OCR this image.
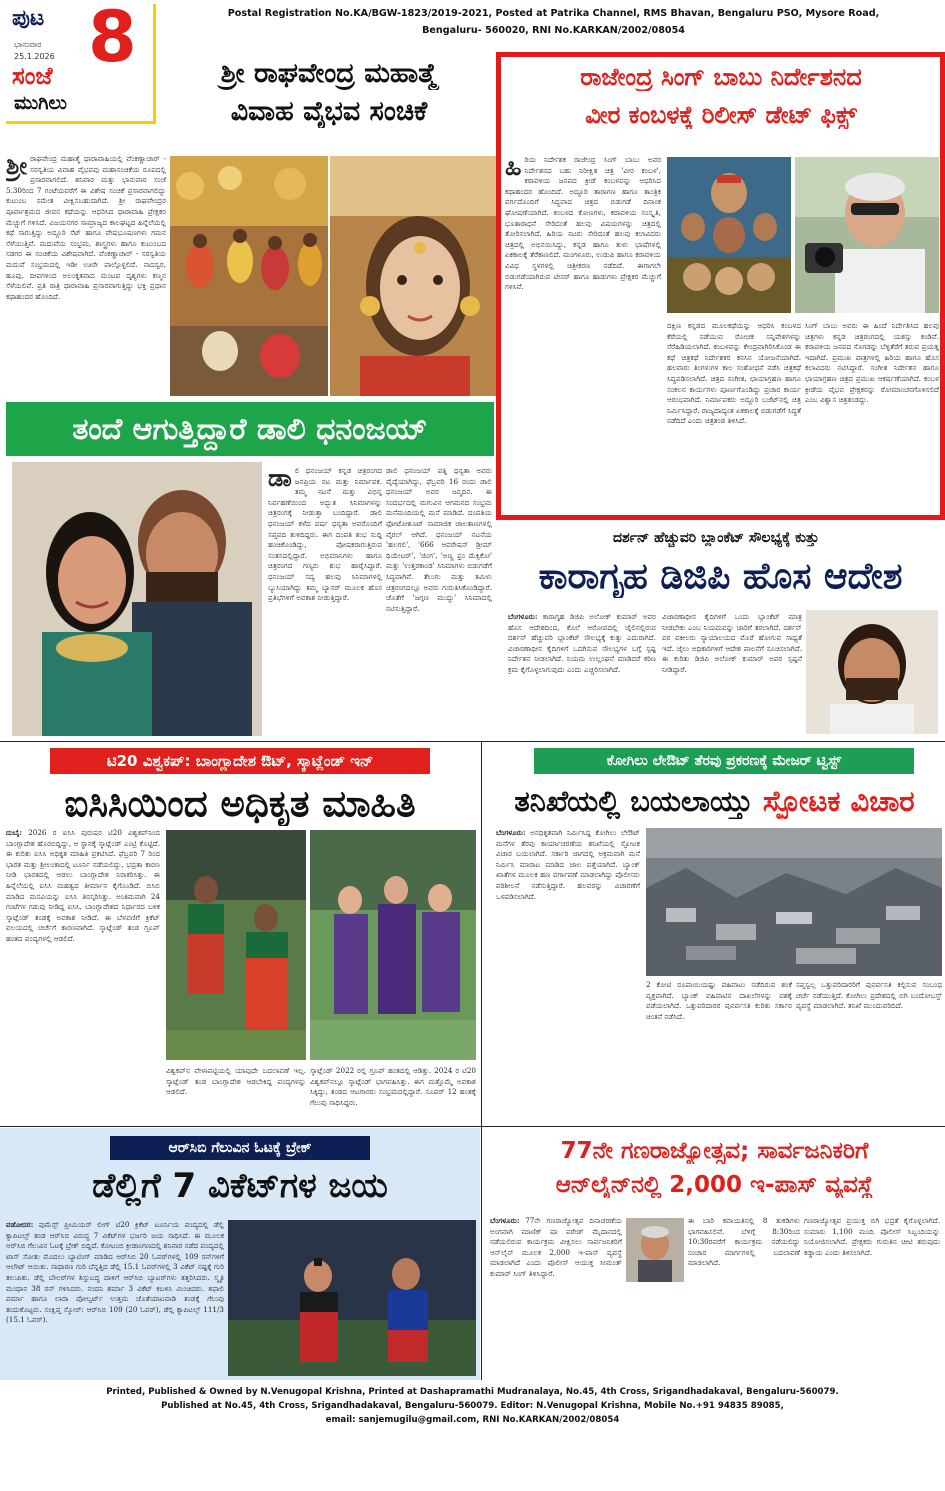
ಪುಟ 8
ಭಾನುವಾರ
25.1.2026
ಸಂಜೆ
ಮುಗಿಲು
Postal Registration No.KA/BGW-1823/2019-2021, Posted at Patrika Channel, RMS Bhavan, Bengaluru PSO, Mysore Road,
Bengaluru- 560020, RNI No.KARKAN/2002/08054
ಶ್ರೀ ರಾಘವೇಂದ್ರ ಮಹಾತ್ಮೆ
ವಿವಾಹ ವೈಭವ ಸಂಚಿಕೆ
ಶ್ರೀ ರಾಘವೇಂದ್ರ ಮಹಾತ್ಮೆ ಧಾರಾವಾಹಿಯಲ್ಲಿ ವೆಂಕಣ್ಣಾಚಾರ್ - ಸರಸ್ವತಿಯ ವಿವಾಹ ವೈಭವವು ಮಹಾಸಂಚಿಕೆಯ ರೂಪದಲ್ಲಿ ಪ್ರಸಾರವಾಗಲಿದೆ. ಶನಿವಾರ ಮತ್ತು ಭಾನುವಾರ ಸಂಜೆ 5.30ರಿಂದ 7 ಗಂಟೆಯವರೆಗೆ ಈ ವಿಶೇಷ ಸಂಚಿಕೆ ಪ್ರಸಾರವಾಗಲಿದ್ದು ಕುಟುಂಬ ಸಮೇತ ವೀಕ್ಷಿಸಬಹುದಾಗಿದೆ. ಶ್ರೀ ರಾಘವೇಂದ್ರರ ಪೂರ್ವಾಶ್ರಮದ ಜೀವನ ಕಥೆಯನ್ನು ಆಧರಿಸಿದ ಧಾರಾವಾಹಿ ಪ್ರೇಕ್ಷಕರ ಮೆಚ್ಚುಗೆ ಗಳಿಸಿದೆ. ವಿಜಯನಗರ ಸಾಮ್ರಾಜ್ಯದ ಕಾಲಘಟ್ಟದ ಹಿನ್ನೆಲೆಯಲ್ಲಿ ಕಥೆ ಸಾಗುತ್ತಿದ್ದು ಅದ್ದೂರಿ ಸೆಟ್ ಹಾಗೂ ವೇಷಭೂಷಣಗಳು ಗಮನ ಸೆಳೆಯುತ್ತಿವೆ. ಮದುವೆಯ ಸಂಭ್ರಮ, ಶಾಸ್ತ್ರಗಳು ಹಾಗೂ ಕುಟುಂಬದ ಸಡಗರ ಈ ಸಂಚಿಕೆಯ ವಿಶೇಷವಾಗಿದೆ. ವೆಂಕಣ್ಣಾಚಾರ್ - ಸರಸ್ವತಿಯ ಮದುವೆ ಸಂಭ್ರಮದಲ್ಲಿ ಇಡೀ ಊರೇ ಪಾಲ್ಗೊಳ್ಳಲಿದೆ. ನಾದಸ್ವರ, ಹೂವು, ದೀಪಗಳಿಂದ ಅಲಂಕೃತವಾದ ಮಂಟಪ ದೃಶ್ಯಗಳು ಕಣ್ಮನ ಸೆಳೆಯಲಿವೆ. ಪ್ರತಿ ರಾತ್ರಿ ಧಾರಾವಾಹಿ ಪ್ರಸಾರವಾಗುತ್ತಿದ್ದು ಭಕ್ತಿ ಪ್ರಧಾನ ಕಥಾಹಂದರ ಹೊಂದಿದೆ.
ರಾಜೇಂದ್ರ ಸಿಂಗ್ ಬಾಬು ನಿರ್ದೇಶನದ
ವೀರ ಕಂಬಳಕ್ಕೆ ರಿಲೀಸ್ ಡೇಟ್ ಫಿಕ್ಸ್
ಹಿ ರಿಯ ನಿರ್ದೇಶಕ ರಾಜೇಂದ್ರ ಸಿಂಗ್ ಬಾಬು ಅವರ ನಿರ್ದೇಶನದ ಬಹು ನಿರೀಕ್ಷಿತ ಚಿತ್ರ 'ವೀರ ಕಂಬಳ', ಕರಾವಳಿಯ ಜನಪದ ಕ್ರೀಡೆ ಕಂಬಳವನ್ನು ಆಧರಿಸಿದ ಕಥಾಹಂದರ ಹೊಂದಿದೆ. ಅದ್ದೂರಿ ತಾರಾಗಣ ಹಾಗೂ ತಾಂತ್ರಿಕ ವರ್ಗದೊಂದಿಗೆ ಸಿದ್ಧವಾದ ಚಿತ್ರದ ಬಿಡುಗಡೆ ದಿನಾಂಕ ಘೋಷಣೆಯಾಗಿದೆ. ಕಂಬಳದ ಕೋಣಗಳು, ಕರಾವಳಿಯ ಸಂಸ್ಕೃತಿ, ಭೂತಾರಾಧನೆ ಸೇರಿದಂತೆ ಹಲವು ವಿಷಯಗಳನ್ನು ಚಿತ್ರದಲ್ಲಿ ತೋರಿಸಲಾಗಿದೆ. ಹಿರಿಯ ನಟರು ಸೇರಿದಂತೆ ಹಲವು ಕಲಾವಿದರು ಚಿತ್ರದಲ್ಲಿ ಅಭಿನಯಿಸಿದ್ದು, ಕನ್ನಡ ಹಾಗೂ ತುಳು ಭಾಷೆಗಳಲ್ಲಿ ಏಕಕಾಲಕ್ಕೆ ತೆರೆಕಾಣಲಿದೆ. ಮಂಗಳೂರು, ಉಡುಪಿ ಹಾಗೂ ಕರಾವಳಿಯ ವಿವಿಧ ಸ್ಥಳಗಳಲ್ಲಿ ಚಿತ್ರೀಕರಣ ನಡೆದಿದೆ. ಈಗಾಗಲೇ ಬಿಡುಗಡೆಯಾಗಿರುವ ಟೀಸರ್ ಹಾಗೂ ಹಾಡುಗಳು ಪ್ರೇಕ್ಷಕರ ಮೆಚ್ಚುಗೆ ಗಳಿಸಿವೆ.
ದಕ್ಷಿಣ ಕನ್ನಡದ ಮೂಲಕಥೆಯನ್ನು ಆಧರಿಸಿ ಕಂಬಳದ ಕೆರೆಯಲ್ಲಿ ನಡೆಯುವ ರೋಚಕ ಸನ್ನಿವೇಶಗಳನ್ನು ಸೆರೆಹಿಡಿಯಲಾಗಿದೆ. ಕಂಬಳವನ್ನು ಕೇಂದ್ರವಾಗಿರಿಸಿಕೊಂಡ ಈ ಕಥೆ ಚಿತ್ರಕಥೆ ನಿರ್ದೇಶಕರ ಕನಸಿನ ಯೋಜನೆಯಾಗಿದೆ. ಹಲವಾರು ತಿಂಗಳುಗಳ ಕಾಲ ಸಂಶೋಧನೆ ನಡೆಸಿ ಚಿತ್ರಕಥೆ ಸಿದ್ಧಪಡಿಸಲಾಗಿದೆ. ಚಿತ್ರದ ಸಂಗೀತ, ಛಾಯಾಗ್ರಹಣ ಹಾಗೂ ಸಂಕಲನ ಕಾರ್ಯಗಳು ಪೂರ್ಣಗೊಂಡಿದ್ದು ಪ್ರಚಾರ ಕಾರ್ಯ ಆರಂಭವಾಗಿದೆ. ನಿರ್ಮಾಪಕರು ಅದ್ದೂರಿ ಬಜೆಟ್‌ನಲ್ಲಿ ಚಿತ್ರ ನಿರ್ಮಿಸಿದ್ದಾರೆ. ರಾಜ್ಯದಾದ್ಯಂತ ಏಕಕಾಲಕ್ಕೆ ಬಿಡುಗಡೆಗೆ ಸಿದ್ಧತೆ ನಡೆದಿದೆ ಎಂದು ಚಿತ್ರತಂಡ ತಿಳಿಸಿದೆ.
ಸಿಂಗ್ ಬಾಬು ಅವರು ಈ ಹಿಂದೆ ನಿರ್ದೇಶಿಸಿದ ಹಲವು ಚಿತ್ರಗಳು ಕನ್ನಡ ಚಿತ್ರರಂಗದಲ್ಲಿ ಯಶಸ್ಸು ಕಂಡಿವೆ. ಕರಾವಳಿಯ ಜನಪದ ಸೊಗಡನ್ನು ಬೆಳ್ಳಿತೆರೆಗೆ ತರುವ ಪ್ರಯತ್ನ ಇದಾಗಿದೆ. ಪ್ರಮುಖ ಪಾತ್ರಗಳಲ್ಲಿ ಹಿರಿಯ ಹಾಗೂ ಹೊಸ ಕಲಾವಿದರು ನಟಿಸಿದ್ದಾರೆ. ಸಂಗೀತ ನಿರ್ದೇಶನ ಹಾಗೂ ಛಾಯಾಗ್ರಹಣ ಚಿತ್ರದ ಪ್ರಮುಖ ಆಕರ್ಷಣೆಯಾಗಿದೆ. ಕಂಬಳ ಕ್ರೀಡೆಯ ವೈಭವ ಪ್ರೇಕ್ಷಕರನ್ನು ರೋಮಾಂಚನಗೊಳಿಸಲಿದೆ ಎಂಬ ವಿಶ್ವಾಸ ಚಿತ್ರತಂಡದ್ದು.
ತಂದೆ ಆಗುತ್ತಿದ್ದಾರೆ ಡಾಲಿ ಧನಂಜಯ್
ಡಾ ಲಿ ಧನಂಜಯ್ ಕನ್ನಡ ಚಿತ್ರರಂಗದ ಜನಪ್ರಿಯ ನಟ ಮತ್ತು ನಿರ್ಮಾಪಕ. ತಮ್ಮ ನಟನೆ ಮತ್ತು ವಿಭಿನ್ನ ನಿರ್ವಹಣೆಯಿಂದ ಅದ್ಭುತ ಸಿನಿಮಾಗಳನ್ನು ಚಿತ್ರರಂಗಕ್ಕೆ ನೀಡುತ್ತಾ ಬಂದಿದ್ದಾರೆ. ಡಾಲಿ ಧನಂಜಯ್ ಕಳೆದ ವರ್ಷ ಧನ್ಯತಾ ಅವರೊಂದಿಗೆ ಸಪ್ತಪದಿ ತುಳಿದಿದ್ದರು. ಈಗ ದಂಪತಿ ಶುಭ ಸುದ್ದಿ ಹಂಚಿಕೊಂಡಿದ್ದು, ಪೋಷಕರಾಗುತ್ತಿರುವ ಸಂತಸದಲ್ಲಿದ್ದಾರೆ. ಅಭಿಮಾನಿಗಳು ಹಾಗೂ ಚಿತ್ರರಂಗದ ಗಣ್ಯರು ಶುಭ ಹಾರೈಸಿದ್ದಾರೆ. ಧನಂಜಯ್ ಸದ್ಯ ಹಲವು ಸಿನಿಮಾಗಳಲ್ಲಿ ಬ್ಯುಸಿಯಾಗಿದ್ದು ತಮ್ಮ ಬ್ಯಾನರ್ ಮೂಲಕ ಹೊಸ ಪ್ರತಿಭೆಗಳಿಗೆ ಅವಕಾಶ ನೀಡುತ್ತಿದ್ದಾರೆ.
ಡಾಲಿ ಧನಂಜಯ್ ಪತ್ನಿ ಧನ್ಯತಾ ಅವರು ವೈದ್ಯೆಯಾಗಿದ್ದು, ಫೆಬ್ರವರಿ 16 ರಂದು ಡಾಲಿ ಧನಂಜಯ್ ಅವರ ಜನ್ಮದಿನ. ಈ ಸಂದರ್ಭದಲ್ಲಿ ಮಗುವಿನ ಆಗಮನದ ಸಂಭ್ರಮ ಮನೆಮಂದಿಯಲ್ಲಿ ಮನೆ ಮಾಡಿದೆ. ದಂಪತಿಯ ಫೋಟೋಶೂಟ್ ಸಾಮಾಜಿಕ ಜಾಲತಾಣಗಳಲ್ಲಿ ವೈರಲ್ ಆಗಿದೆ. ಧನಂಜಯ್ ನಟನೆಯ 'ಹಲಗಲಿ', '666 ಆಪರೇಷನ್ ಡ್ರೀಮ್ ಥಿಯೇಟರ್', 'ಜಿಂಗ', 'ಅಣ್ಣ ಫ್ರಂ ಮೆಕ್ಸಿಕೋ' ಮತ್ತು 'ಉತ್ತರಕಾಂಡ' ಸಿನಿಮಾಗಳು ಬಿಡುಗಡೆಗೆ ಸಿದ್ಧವಾಗಿವೆ. ತೆಲುಗು ಮತ್ತು ತಮಿಳು ಚಿತ್ರರಂಗದಲ್ಲೂ ಅವರು ಗುರುತಿಸಿಕೊಂಡಿದ್ದಾರೆ. ಜೊತೆಗೆ 'ಜಗ್ಗಣ ಮುದ್ದು' ಸಿನಿಮಾದಲ್ಲಿ ನಟಿಸುತ್ತಿದ್ದಾರೆ.
ದರ್ಶನ್ ಹೆಚ್ಚುವರಿ ಬ್ಲಾಂಕೆಟ್ ಸೌಲಭ್ಯಕ್ಕೆ ಕುತ್ತು
ಕಾರಾಗೃಹ ಡಿಜಿಪಿ ಹೊಸ ಆದೇಶ
ಬೆಂಗಳೂರು: ಕಾರಾಗೃಹ ಡಿಜಿಪಿ ಅಲೋಕ್ ಕುಮಾರ್ ಅವರ ಹೊಸ ಆದೇಶದಿಂದ, ಕೊಲೆ ಆರೋಪದಲ್ಲಿ ಜೈಲಿನಲ್ಲಿರುವ ದರ್ಶನ್ ಹೆಚ್ಚುವರಿ ಬ್ಲಾಂಕೆಟ್ ಸೌಲಭ್ಯಕ್ಕೆ ಕುತ್ತು ಎದುರಾಗಿದೆ. ವಿಚಾರಣಾಧೀನ ಕೈದಿಗಳಿಗೆ ಒದಗಿಸುವ ಸೌಲಭ್ಯಗಳ ಬಗ್ಗೆ ಸ್ಪಷ್ಟ ನಿರ್ದೇಶನ ನೀಡಲಾಗಿದೆ. ನಿಯಮ ಉಲ್ಲಂಘನೆ ಮಾಡಿದರೆ ಕಠಿಣ ಕ್ರಮ ಕೈಗೊಳ್ಳಲಾಗುವುದು ಎಂದು ಎಚ್ಚರಿಸಲಾಗಿದೆ.
ವಿಚಾರಣಾಧೀನ ಕೈದಿಗಳಿಗೆ ಒಂದು ಬ್ಲಾಂಕೆಟ್ ಮಾತ್ರ ನೀಡಬೇಕು ಎಂಬ ನಿಯಮವನ್ನು ಜಾರಿಗೆ ತರಲಾಗಿದೆ. ದರ್ಶನ್ ಪರ ವಕೀಲರು ನ್ಯಾಯಾಲಯದ ಮೊರೆ ಹೋಗುವ ಸಾಧ್ಯತೆ ಇದೆ. ಜೈಲು ಅಧಿಕಾರಿಗಳಿಗೆ ಆದೇಶ ಪಾಲನೆಗೆ ಸೂಚಿಸಲಾಗಿದೆ. ಈ ಕುರಿತು ಡಿಜಿಪಿ ಅಲೋಕ್ ಕುಮಾರ್ ಅವರ ಸ್ಪಷ್ಟನೆ ನೀಡಿದ್ದಾರೆ.
ಟಿ20 ವಿಶ್ವಕಪ್: ಬಾಂಗ್ಲಾದೇಶ ಔಟ್, ಸ್ಕಾಟ್ಲೆಂಡ್ ಇನ್
ಐಸಿಸಿಯಿಂದ ಅಧಿಕೃತ ಮಾಹಿತಿ
ದುಬೈ: 2026 ರ ಐಸಿಸಿ ಪುರುಷರ ಟಿ20 ವಿಶ್ವಕಪ್‌ನಿಂದ ಬಾಂಗ್ಲಾದೇಶ ಹೊರಬಿದ್ದಿದ್ದು, ಆ ಸ್ಥಾನಕ್ಕೆ ಸ್ಕಾಟ್ಲೆಂಡ್ ಎಂಟ್ರಿ ಕೊಟ್ಟಿದೆ. ಈ ಕುರಿತು ಐಸಿಸಿ ಅಧಿಕೃತ ಮಾಹಿತಿ ಪ್ರಕಟಿಸಿದೆ. ಫೆಬ್ರವರಿ 7 ರಿಂದ ಭಾರತ ಮತ್ತು ಶ್ರೀಲಂಕಾದಲ್ಲಿ ಟೂರ್ನಿ ನಡೆಯಲಿದ್ದು, ಭದ್ರತಾ ಕಾರಣ ನೀಡಿ ಭಾರತದಲ್ಲಿ ಆಡಲು ಬಾಂಗ್ಲಾದೇಶ ನಿರಾಕರಿಸಿತ್ತು. ಈ ಹಿನ್ನೆಲೆಯಲ್ಲಿ ಐಸಿಸಿ ಮಹತ್ವದ ತೀರ್ಮಾನ ಕೈಗೊಂಡಿದೆ. ಬಿಸಿಬಿ ಮಾಡಿದ ಮನವಿಯನ್ನು ಐಸಿಸಿ ತಿರಸ್ಕರಿಸಿತ್ತು. ಅಂತಿಮವಾಗಿ 24 ಗಂಟೆಗಳ ಗಡುವು ನೀಡಿದ್ದ ಐಸಿಸಿ, ಬಾಂಗ್ಲಾದೇಶದ ನಿರ್ಧಾರದ ಬಳಿಕ ಸ್ಕಾಟ್ಲೆಂಡ್ ತಂಡಕ್ಕೆ ಅವಕಾಶ ನೀಡಿದೆ. ಈ ಬೆಳವಣಿಗೆ ಕ್ರಿಕೆಟ್ ವಲಯದಲ್ಲಿ ಚರ್ಚೆಗೆ ಕಾರಣವಾಗಿದೆ. ಸ್ಕಾಟ್ಲೆಂಡ್ ತಂಡ ಗ್ರೂಪ್ ಹಂತದ ಪಂದ್ಯಗಳಲ್ಲಿ ಆಡಲಿದೆ.
ವಿಶ್ವಕಪ್‌ನ ವೇಳಾಪಟ್ಟಿಯಲ್ಲಿ ಯಾವುದೇ ಬದಲಾವಣೆ ಇಲ್ಲ. ಸ್ಕಾಟ್ಲೆಂಡ್ ತಂಡ ಬಾಂಗ್ಲಾದೇಶ ಆಡಬೇಕಿದ್ದ ಪಂದ್ಯಗಳನ್ನು ಆಡಲಿದೆ.
ಸ್ಕಾಟ್ಲೆಂಡ್ 2022 ರಲ್ಲಿ ಗ್ರೂಪ್ ಹಂತದಲ್ಲಿ ಆಡಿತ್ತು. 2024 ರ ಟಿ20 ವಿಶ್ವಕಪ್‌ನಲ್ಲೂ ಸ್ಕಾಟ್ಲೆಂಡ್ ಭಾಗವಹಿಸಿತ್ತು. ಈಗ ಮತ್ತೊಮ್ಮೆ ಅವಕಾಶ ಸಿಕ್ಕಿದ್ದು, ತಂಡದ ಆಟಗಾರರು ಸಂಭ್ರಮದಲ್ಲಿದ್ದಾರೆ. ಸೂಪರ್ 12 ಹಂತಕ್ಕೆ ಗೆಲುವು ಸಾಧಿಸಿದ್ದರು.
ಕೋಗಿಲು ಲೇಔಟ್ ತೆರವು ಪ್ರಕರಣಕ್ಕೆ ಮೇಜರ್ ಟ್ವಿಸ್ಟ್
ತನಿಖೆಯಲ್ಲಿ ಬಯಲಾಯ್ತು ಸ್ಫೋಟಕ ವಿಚಾರ
ಬೆಂಗಳೂರು: ಅನಧಿಕೃತವಾಗಿ ನಿರ್ಮಿಸಿದ್ದ ಕೋಗಿಲು ಲೇಔಟ್ ಮನೆಗಳ ತೆರವು ಕಾರ್ಯಾಚರಣೆಯ ತನಿಖೆಯಲ್ಲಿ ಸ್ಫೋಟಕ ವಿಚಾರ ಬಯಲಾಗಿದೆ. ಸರ್ಕಾರಿ ಜಾಗದಲ್ಲಿ ಅಕ್ರಮವಾಗಿ ಮನೆ ನಿರ್ಮಿಸಿ ಮಾರಾಟ ಮಾಡಿದ ಜಾಲ ಪತ್ತೆಯಾಗಿದೆ. ಬ್ಯಾಂಕ್ ಖಾತೆಗಳ ಮೂಲಕ ಹಣ ವರ್ಗಾವಣೆ ಮಾಡಲಾಗಿದ್ದು ಪೊಲೀಸರು ಪರಿಶೀಲನೆ ನಡೆಸುತ್ತಿದ್ದಾರೆ. ಹಲವರನ್ನು ವಿಚಾರಣೆಗೆ ಒಳಪಡಿಸಲಾಗಿದೆ.
2 ಕೋಟಿ ರೂಪಾಯಿಯಷ್ಟು ವಹಿವಾಟು ನಡೆದಿರುವ ಶಂಕೆ ವ್ಯಕ್ತವಾಗಿದೆ. ಬ್ಯಾಂಕ್ ವಹಿವಾಟಿನ ದಾಖಲೆಗಳನ್ನು ವಶಕ್ಕೆ ಪಡೆಯಲಾಗಿದೆ. ಒತ್ತುವರಿದಾರರ ಪುನರ್ವಸತಿ ಕುರಿತು ಸರ್ಕಾರ ಚಿಂತನೆ ನಡೆಸಿದೆ.
ಸಪ್ತಸ್ವಲ್ಪ ಒತ್ತುವರಿದಾರರಿಗೆ ಪುನರ್ವಸತಿ ಕಲ್ಪಿಸುವ ಸಂಬಂಧ ಚರ್ಚೆ ನಡೆಯುತ್ತಿದೆ. ಕೋಗಿಲು ಪ್ರದೇಶದಲ್ಲಿ ಬಿಗಿ ಬಂದೋಬಸ್ತ್ ವ್ಯವಸ್ಥೆ ಮಾಡಲಾಗಿದೆ. ತನಿಖೆ ಮುಂದುವರಿದಿದೆ.
ಆರ್‌ಸಿಬಿ ಗೆಲುವಿನ ಓಟಕ್ಕೆ ಬ್ರೇಕ್
ಡೆಲ್ಲಿಗೆ 7 ವಿಕೆಟ್‌ಗಳ ಜಯ
ವಡೋದರ: ವುಮೆನ್ಸ್ ಪ್ರೀಮಿಯರ್ ಲೀಗ್ ಟಿ20 ಕ್ರಿಕೆಟ್ ಟೂರ್ನಿಯ ಪಂದ್ಯದಲ್ಲಿ ಡೆಲ್ಲಿ ಕ್ಯಾಪಿಟಲ್ಸ್ ತಂಡ ಆರ್‌ಸಿಬಿ ವಿರುದ್ಧ 7 ವಿಕೆಟ್‌ಗಳ ಭರ್ಜರಿ ಜಯ ಸಾಧಿಸಿದೆ. ಈ ಮೂಲಕ ಆರ್‌ಸಿಬಿ ಗೆಲುವಿನ ಓಟಕ್ಕೆ ಬ್ರೇಕ್ ಬಿದ್ದಿದೆ. ಕೋಟಂಬಿ ಕ್ರೀಡಾಂಗಣದಲ್ಲಿ ಶನಿವಾರ ನಡೆದ ಪಂದ್ಯದಲ್ಲಿ ಟಾಸ್ ಸೋತು ಮೊದಲು ಬ್ಯಾಟಿಂಗ್ ಮಾಡಿದ ಆರ್‌ಸಿಬಿ 20 ಓವರ್‌ಗಳಲ್ಲಿ 109 ರನ್‌ಗಳಿಗೆ ಆಲೌಟ್ ಆಯಿತು. ಸಾಧಾರಣ ಗುರಿ ಬೆನ್ನತ್ತಿದ ಡೆಲ್ಲಿ 15.1 ಓವರ್‌ಗಳಲ್ಲಿ 3 ವಿಕೆಟ್ ನಷ್ಟಕ್ಕೆ ಗುರಿ ತಲುಪಿತು. ಡೆಲ್ಲಿ ಬೌಲರ್‌ಗಳ ಶಿಸ್ತುಬದ್ಧ ದಾಳಿಗೆ ಆರ್‌ಸಿಬಿ ಬ್ಯಾಟರ್‌ಗಳು ತತ್ತರಿಸಿದರು. ಸ್ಮೃತಿ ಮಂಧಾನ 38 ರನ್ ಗಳಿಸಿದರು. ನಂದನಿ ಶರ್ಮಾ 3 ವಿಕೆಟ್ ಕಬಳಿಸಿ ಮಿಂಚಿದರು. ಶಫಾಲಿ ವರ್ಮಾ ಹಾಗೂ ಲಾರಾ ವೋಲ್ವರ್ಟ್ ಉತ್ತಮ ಜೊತೆಯಾಟವಾಡಿ ತಂಡಕ್ಕೆ ಗೆಲುವು ತಂದುಕೊಟ್ಟರು. ಸಂಕ್ಷಿಪ್ತ ಸ್ಕೋರ್: ಆರ್‌ಸಿಬಿ 109 (20 ಓವರ್), ಡೆಲ್ಲಿ ಕ್ಯಾಪಿಟಲ್ಸ್ 111/3 (15.1 ಓವರ್).
77ನೇ ಗಣರಾಜ್ಯೋತ್ಸವ; ಸಾರ್ವಜನಿಕರಿಗೆ
ಆನ್‌ಲೈನ್‌ನಲ್ಲಿ 2,000 ಇ-ಪಾಸ್ ವ್ಯವಸ್ಥೆ
ಬೆಂಗಳೂರು: 77ನೇ ಗಣರಾಜ್ಯೋತ್ಸವ ದಿನಾಚರಣೆಯ ಅಂಗವಾಗಿ ಮಾಣಿಕ್ ಷಾ ಪರೇಡ್ ಮೈದಾನದಲ್ಲಿ ನಡೆಯಲಿರುವ ಕಾರ್ಯಕ್ರಮ ವೀಕ್ಷಿಸಲು ಸಾರ್ವಜನಿಕರಿಗೆ ಆನ್‌ಲೈನ್ ಮೂಲಕ 2,000 ಇ-ಪಾಸ್ ವ್ಯವಸ್ಥೆ ಮಾಡಲಾಗಿದೆ ಎಂದು ಪೊಲೀಸ್ ಆಯುಕ್ತ ಸೀಮಂತ್ ಕುಮಾರ್ ಸಿಂಗ್ ತಿಳಿಸಿದ್ದಾರೆ.
ಈ ಬಾರಿ ಕವಾಯತಿನಲ್ಲಿ 8 ತುಕಡಿಗಳು ಭಾಗವಹಿಸಲಿವೆ. ಬೆಳಿಗ್ಗೆ 8:30ರಿಂದ 10:30ರವರೆಗೆ ಕಾರ್ಯಕ್ರಮ ನಡೆಯಲಿದ್ದು ಸಂಚಾರ ಮಾರ್ಗಗಳಲ್ಲಿ ಬದಲಾವಣೆ ಮಾಡಲಾಗಿದೆ.
ಗಣರಾಜ್ಯೋತ್ಸವ ಪ್ರಯುಕ್ತ ಬಿಗಿ ಭದ್ರತೆ ಕೈಗೊಳ್ಳಲಾಗಿದೆ. ಸುಮಾರು 1,100 ಮಂದಿ ಪೊಲೀಸ್ ಸಿಬ್ಬಂದಿಯನ್ನು ನಿಯೋಜಿಸಲಾಗಿದೆ. ಪ್ರೇಕ್ಷಕರು ಗುರುತಿನ ಚೀಟಿ ತರುವುದು ಕಡ್ಡಾಯ ಎಂದು ತಿಳಿಸಲಾಗಿದೆ.
Printed, Published & Owned by N.Venugopal Krishna, Printed at Dashapramathi Mudranalaya, No.45, 4th Cross, Srigandhadakaval, Bengaluru-560079.
Published at No.45, 4th Cross, Srigandhadakaval, Bengaluru-560079. Editor: N.Venugopal Krishna, Mobile No.+91 94835 89085,
email: sanjemugilu@gmail.com, RNI No.KARKAN/2002/08054
